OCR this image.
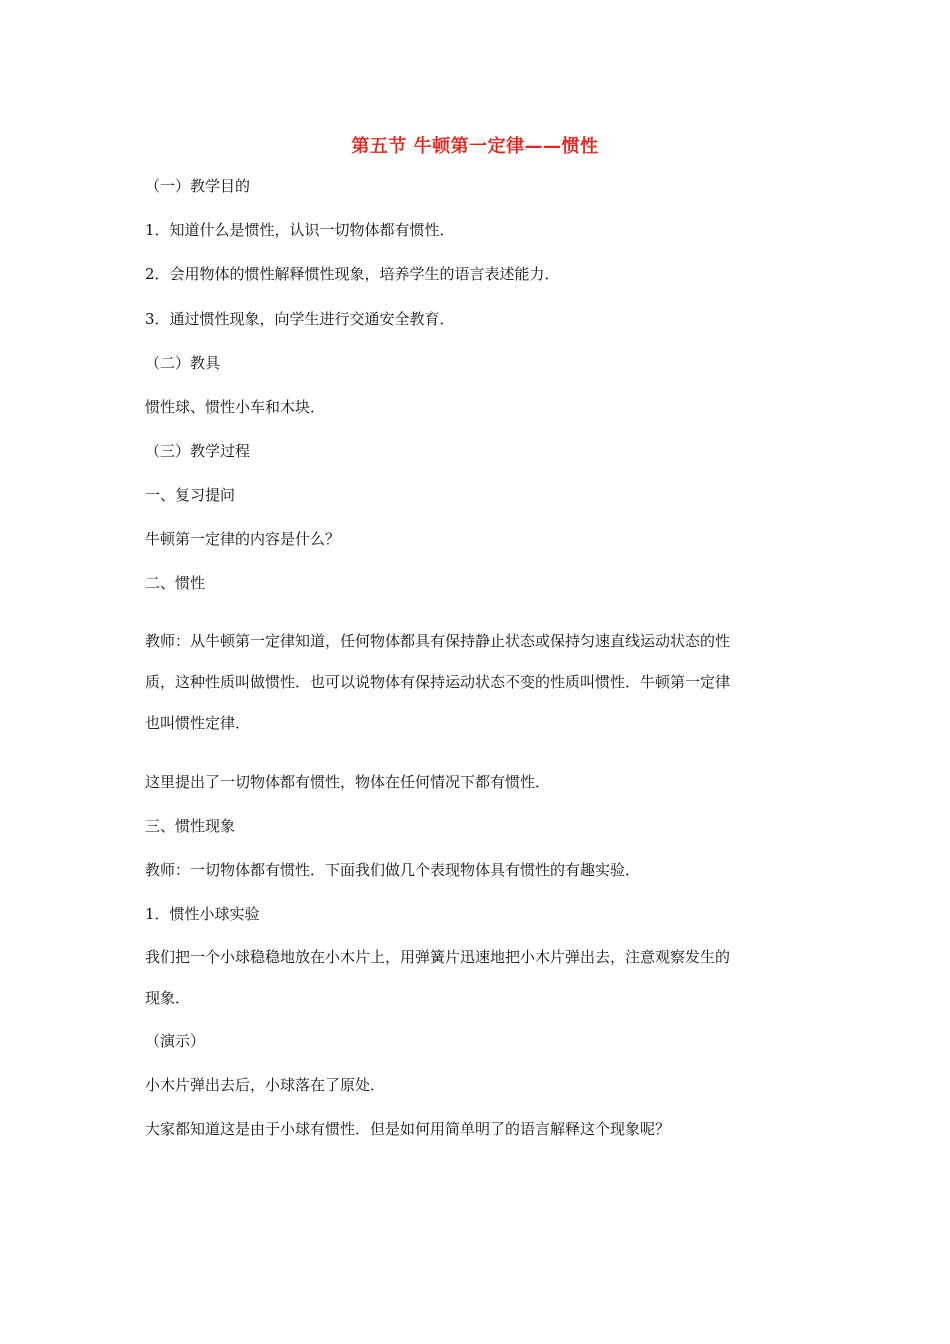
第五节 牛顿第一定律——惯性
（一）教学目的
1．知道什么是惯性，认识一切物体都有惯性．
2．会用物体的惯性解释惯性现象，培养学生的语言表述能力．
3．通过惯性现象，向学生进行交通安全教育．
（二）教具
惯性球、惯性小车和木块．
（三）教学过程
一、复习提问
牛顿第一定律的内容是什么？
二、惯性
教师：从牛顿第一定律知道，任何物体都具有保持静止状态或保持匀速直线运动状态的性
质，这种性质叫做惯性．也可以说物体有保持运动状态不变的性质叫惯性．牛顿第一定律
也叫惯性定律．
这里提出了一切物体都有惯性，物体在任何情况下都有惯性．
三、惯性现象
教师：一切物体都有惯性．下面我们做几个表现物体具有惯性的有趣实验．
1．惯性小球实验
我们把一个小球稳稳地放在小木片上，用弹簧片迅速地把小木片弹出去，注意观察发生的
现象．
（演示）
小木片弹出去后，小球落在了原处．
大家都知道这是由于小球有惯性．但是如何用简单明了的语言解释这个现象呢？
